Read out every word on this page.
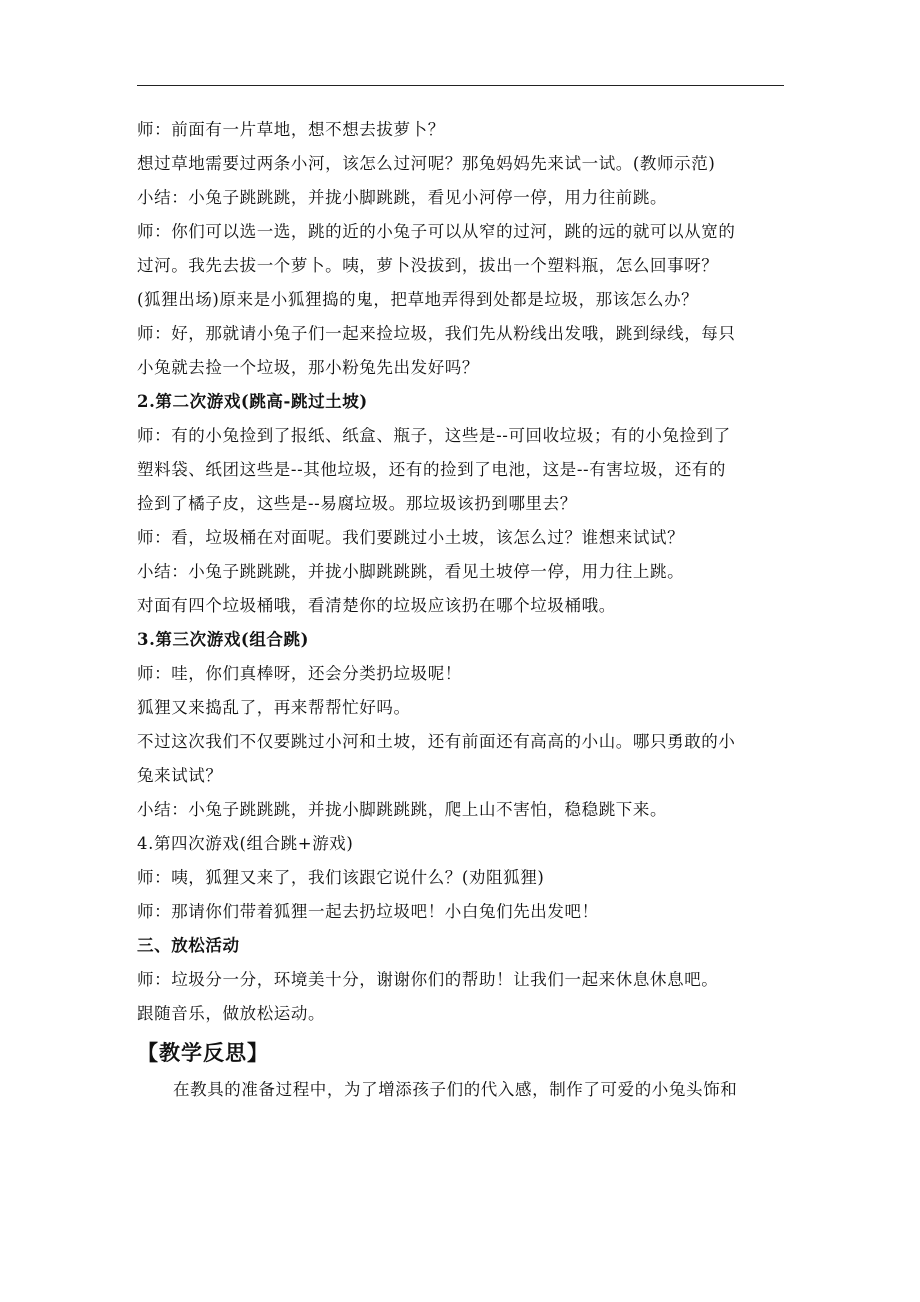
师：前面有一片草地，想不想去拔萝卜？
想过草地需要过两条小河，该怎么过河呢？那兔妈妈先来试一试。(教师示范)
小结：小兔子跳跳跳，并拢小脚跳跳，看见小河停一停，用力往前跳。
师：你们可以选一选，跳的近的小兔子可以从窄的过河，跳的远的就可以从宽的
过河。我先去拔一个萝卜。咦，萝卜没拔到，拔出一个塑料瓶，怎么回事呀？
(狐狸出场)原来是小狐狸捣的鬼，把草地弄得到处都是垃圾，那该怎么办？
师：好，那就请小兔子们一起来捡垃圾，我们先从粉线出发哦，跳到绿线，每只
小兔就去捡一个垃圾，那小粉兔先出发好吗？
2.第二次游戏(跳高-跳过土坡)
师：有的小兔捡到了报纸、纸盒、瓶子，这些是--可回收垃圾；有的小兔捡到了
塑料袋、纸团这些是--其他垃圾，还有的捡到了电池，这是--有害垃圾，还有的
捡到了橘子皮，这些是--易腐垃圾。那垃圾该扔到哪里去？
师：看，垃圾桶在对面呢。我们要跳过小土坡，该怎么过？谁想来试试？
小结：小兔子跳跳跳，并拢小脚跳跳跳，看见土坡停一停，用力往上跳。
对面有四个垃圾桶哦，看清楚你的垃圾应该扔在哪个垃圾桶哦。
3.第三次游戏(组合跳)
师：哇，你们真棒呀，还会分类扔垃圾呢！
狐狸又来捣乱了，再来帮帮忙好吗。
不过这次我们不仅要跳过小河和土坡，还有前面还有高高的小山。哪只勇敢的小
兔来试试？
小结：小兔子跳跳跳，并拢小脚跳跳跳，爬上山不害怕，稳稳跳下来。
4.第四次游戏(组合跳+游戏)
师：咦，狐狸又来了，我们该跟它说什么？(劝阻狐狸)
师：那请你们带着狐狸一起去扔垃圾吧！小白兔们先出发吧！
三、放松活动
师：垃圾分一分，环境美十分，谢谢你们的帮助！让我们一起来休息休息吧。
跟随音乐，做放松运动。
【教学反思】
在教具的准备过程中，为了增添孩子们的代入感，制作了可爱的小兔头饰和
